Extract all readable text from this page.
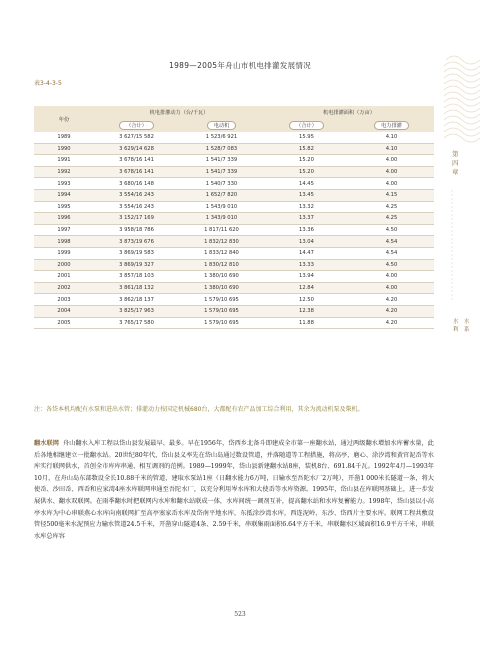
1989—2005年舟山市机电排灌发展情况
表3-4-3-5
年份	机电排灌动力（台/千瓦）		机电排灌面积（万亩）	
	（合计）	电动机	（合计）	电力排灌
1989	3 627/15 582	1 523/6 921	15.95	4.10
1990	3 629/14 628	1 528/7 083	15.82	4.10
1991	3 678/16 141	1 541/7 339	15.20	4.00
1992	3 678/16 141	1 541/7 339	15.20	4.00
1993	3 680/16 148	1 540/7 330	14.45	4.00
1994	3 554/16 243	1 652/7 820	13.45	4.15
1995	3 554/16 243	1 543/9 010	13.32	4.25
1996	3 152/17 169	1 343/9 010	13.37	4.25
1997	3 958/18 786	1 817/11 620	13.36	4.50
1998	3 873/19 676	1 832/12 830	13.04	4.54
1999	3 869/19 583	1 833/12 840	14.47	4.54
2000	3 869/19 327	1 830/12 810	13.33	4.50
2001	3 857/18 103	1 380/10 690	13.94	4.00
2002	3 861/18 132	1 380/10 690	12.84	4.00
2003	3 862/18 137	1 579/10 695	12.50	4.20
2004	3 825/17 963	1 579/10 695	12.38	4.20
2005	3 765/17 580	1 579/10 695	11.88	4.20
注：各岱本机均配有水泵和进出水管；排灌动力按国定机械680台，大都配有农产品加工综合利用，其余为流动机泵及柴机。
翻水联网 舟山翻水入库工程以岱山县发展最早、最多。早在1956年，岱西乡北备斗即建成全市第一座翻水站，通过两级翻水增加水库蓄水量，此后各地相继建立一批翻水站。20世纪80年代，岱山县义率先在岱山岛通过数设管道，并落随道等工程措施，将高亭、磨心、涂汐湾和黄官泥岙等水库实行联网供水，首创全市库库串通、相互调剂的范例。1989—1999年，岱山县新建翻水站8座，装机8台、691.84千瓦。1992年4月—1993年10月，在舟山岛东部数设全长10.88千米的管道，建取水泵站1座（日翻水能力6万吨，日输水至吾陀水厂2万吨），开凿1 000米长隧道一条，将大使岙、沙田岙、西岙和应家湾4座水库联网串通至吾陀水厂，以充分利用岑水库和大使岙等水库资源。1995年，岱山县在库联网基础上，进一步发展供水、翻水双联网。在雨季翻水时把联网内水库和翻水站联成一体，水库间统一调剂互补，提高翻水站和水库复蓄能力。1998年，岱山县以小高亭水库为中心串联燕心水库向南联网扩至高亭塞家岙水库及岱南平地水库，东抵涂沙湾水库，西连泥岭、东沙、岱西片主要水库。联网工程共敷设管径500毫米水泥预应力输水管道24.5千米，开凿穿山隧道4条、2.59千米，串联集雨面积6.64平方千米，串联翻水区域面积16.9平方千米，串联水库总库容
523
第
四
章
水
利
水
系
